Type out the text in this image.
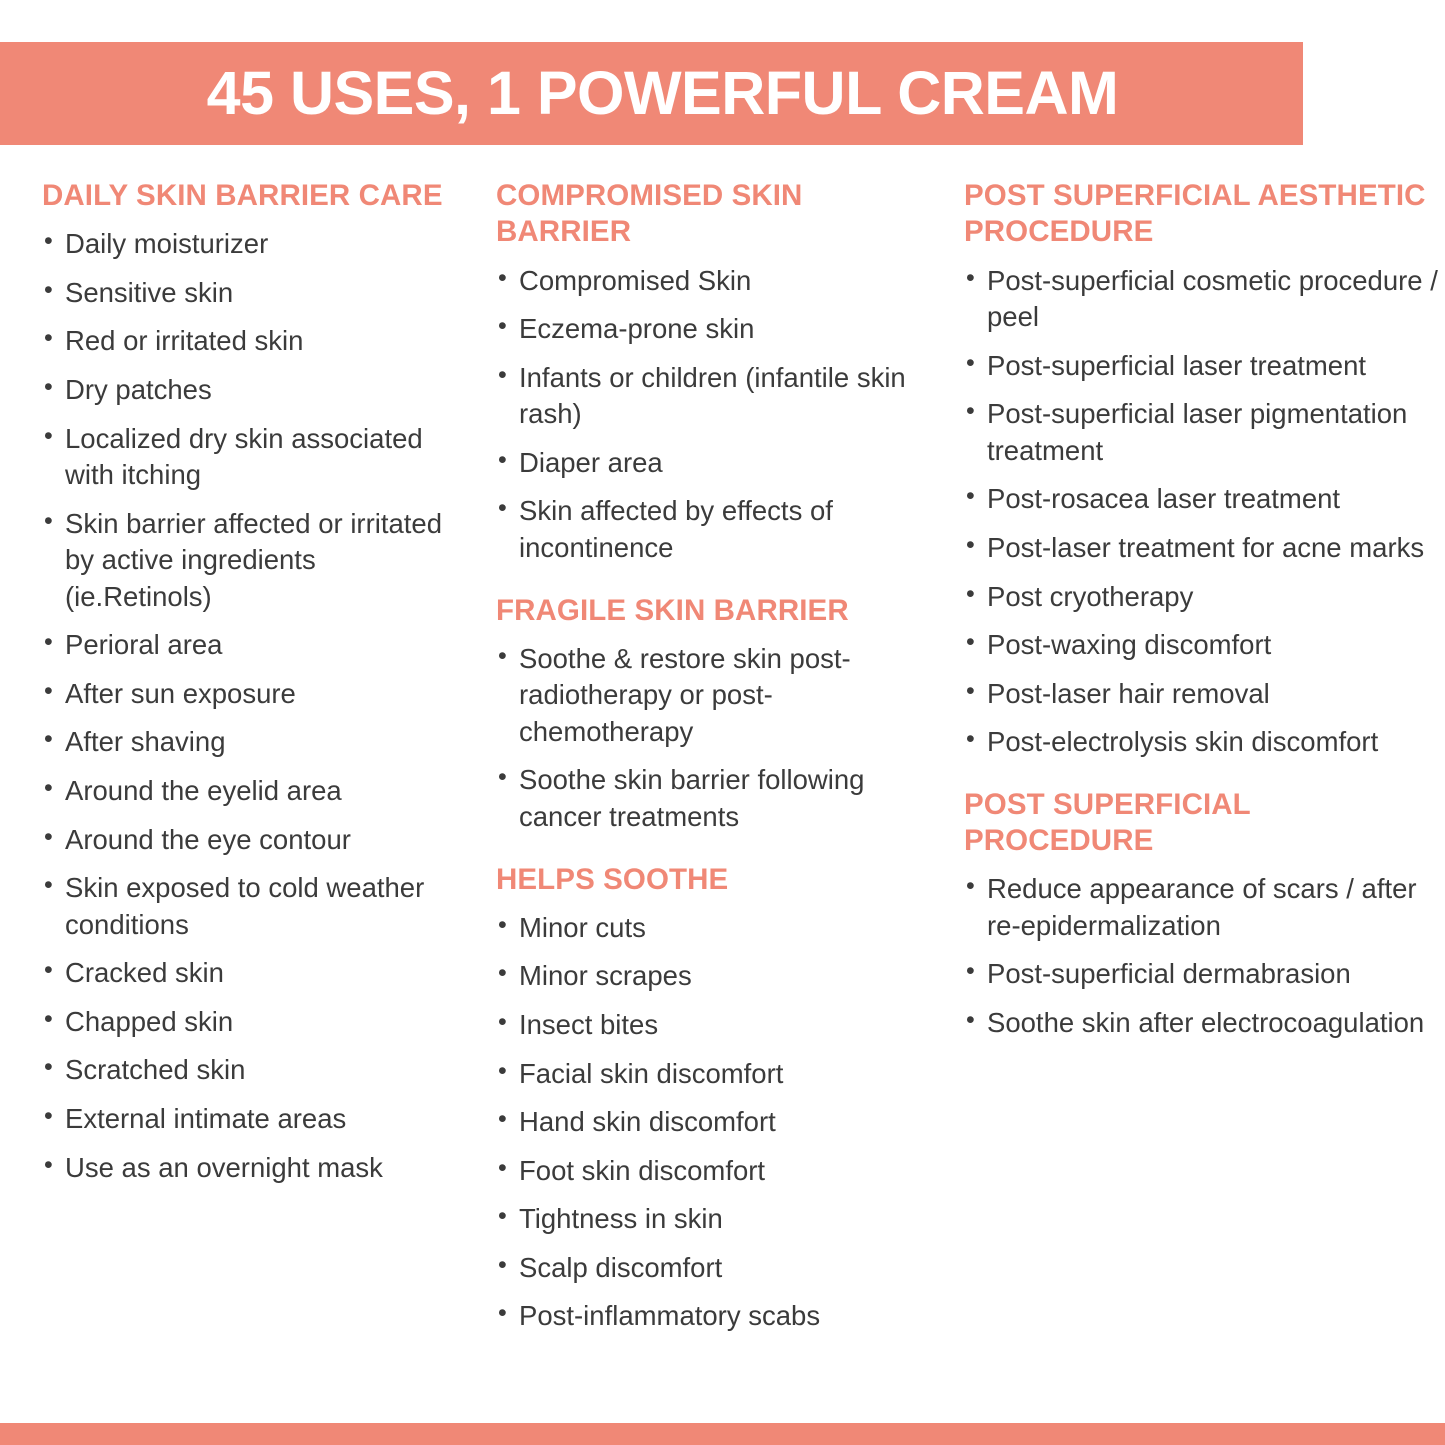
45 USES, 1 POWERFUL CREAM
DAILY SKIN BARRIER CARE
• Daily moisturizer
• Sensitive skin
• Red or irritated skin
• Dry patches
• Localized dry skin associated with itching
• Skin barrier affected or irritated by active ingredients (ie.Retinols)
• Perioral area
• After sun exposure
• After shaving
• Around the eyelid area
• Around the eye contour
• Skin exposed to cold weather conditions
• Cracked skin
• Chapped skin
• Scratched skin
• External intimate areas
• Use as an overnight mask
COMPROMISED SKIN BARRIER
• Compromised Skin
• Eczema-prone skin
• Infants or children (infantile skin rash)
• Diaper area
• Skin affected by effects of incontinence
FRAGILE SKIN BARRIER
• Soothe & restore skin post-radiotherapy or post-chemotherapy
• Soothe skin barrier following cancer treatments
HELPS SOOTHE
• Minor cuts
• Minor scrapes
• Insect bites
• Facial skin discomfort
• Hand skin discomfort
• Foot skin discomfort
• Tightness in skin
• Scalp discomfort
• Post-inflammatory scabs
POST SUPERFICIAL AESTHETIC PROCEDURE
• Post-superficial cosmetic procedure / peel
• Post-superficial laser treatment
• Post-superficial laser pigmentation treatment
• Post-rosacea laser treatment
• Post-laser treatment for acne marks
• Post cryotherapy
• Post-waxing discomfort
• Post-laser hair removal
• Post-electrolysis skin discomfort
POST SUPERFICIAL PROCEDURE
• Reduce appearance of scars / after re-epidermalization
• Post-superficial dermabrasion
• Soothe skin after electrocoagulation
